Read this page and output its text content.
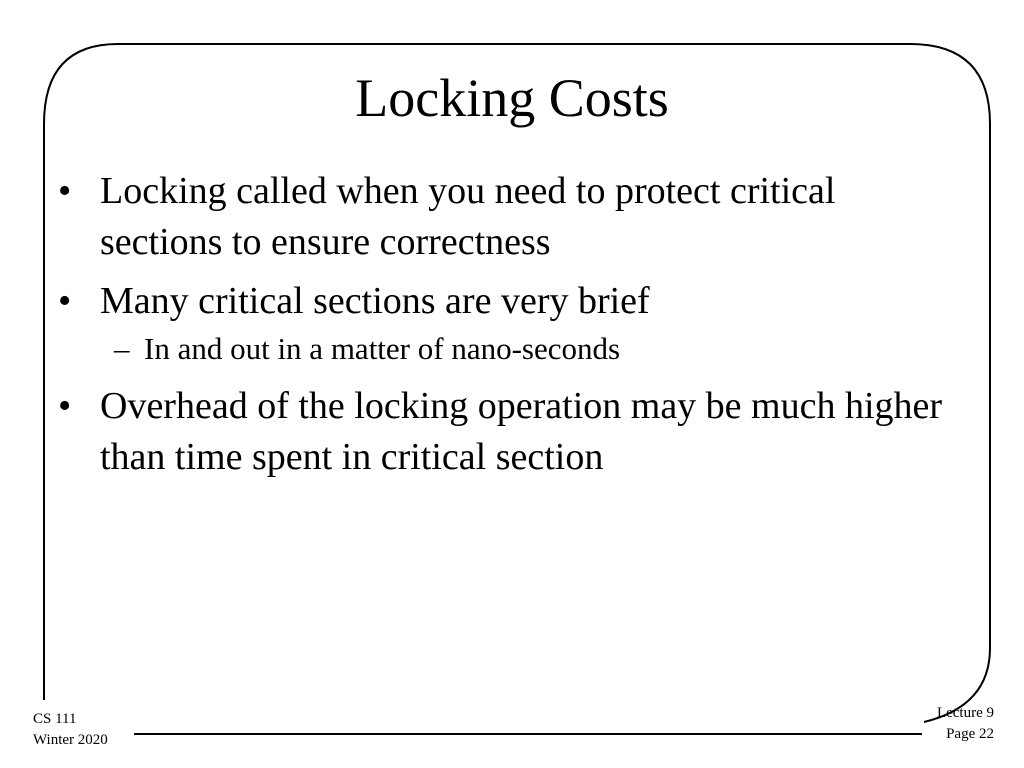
Locking Costs
• Locking called when you need to protect critical sections to ensure correctness
• Many critical sections are very brief
– In and out in a matter of nano-seconds
• Overhead of the locking operation may be much higher than time spent in critical section
CS 111
Winter 2020
Lecture 9
Page 22
